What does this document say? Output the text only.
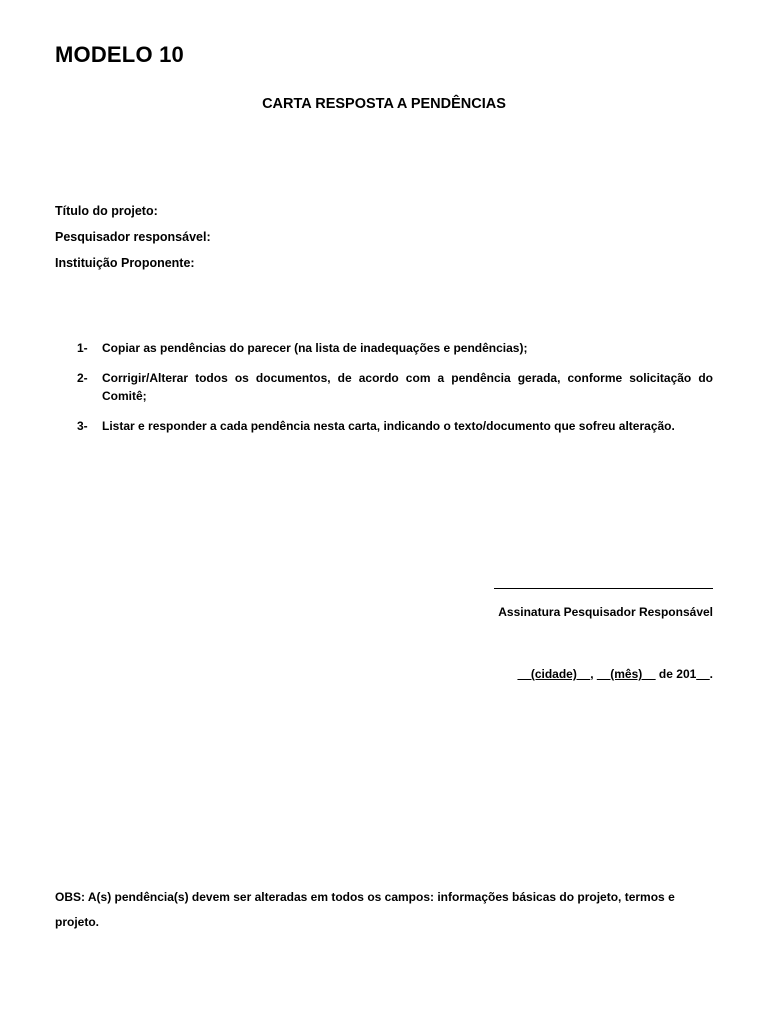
MODELO 10
CARTA RESPOSTA A PENDÊNCIAS
Título do projeto:
Pesquisador responsável:
Instituição Proponente:
1-	Copiar as pendências do parecer (na lista de inadequações e pendências);
2-	Corrigir/Alterar todos os documentos, de acordo com a pendência gerada, conforme solicitação do Comitê;
3-	Listar e responder a cada pendência nesta carta, indicando o texto/documento que sofreu alteração.
Assinatura Pesquisador Responsável
__(cidade)__, __(mês)__ de 201__.
OBS: A(s) pendência(s) devem ser alteradas em todos os campos: informações básicas do projeto, termos e projeto.
